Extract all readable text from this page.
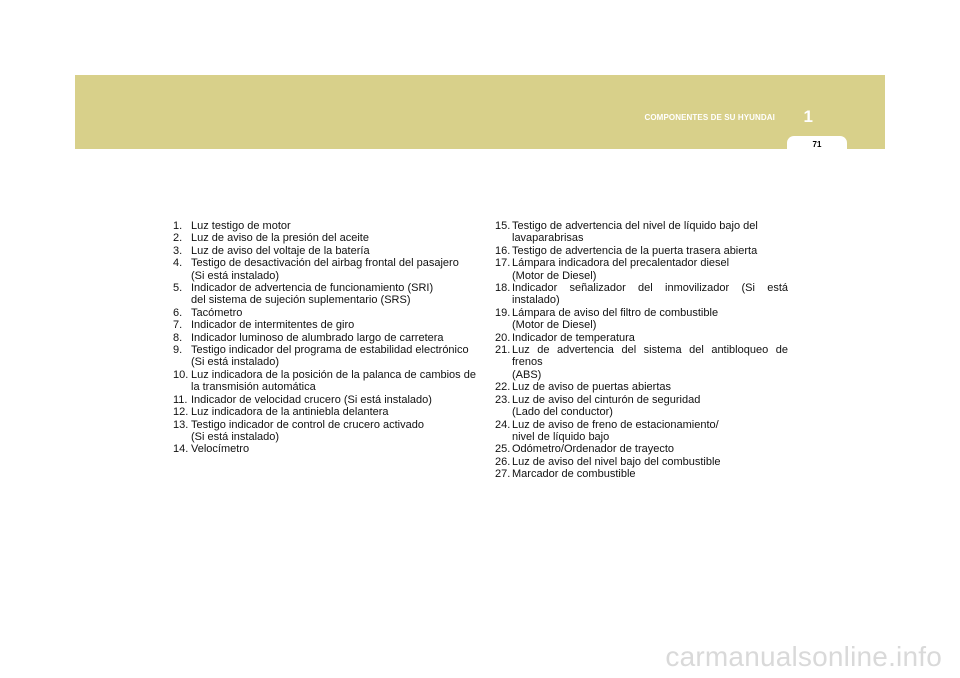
COMPONENTES DE SU HYUNDAI 1
71
1. Luz testigo de motor
2. Luz de aviso de la presión del aceite
3. Luz de aviso del voltaje de la batería
4. Testigo de desactivación del airbag frontal del pasajero
(Si está instalado)
5. Indicador de advertencia de funcionamiento (SRI)
del sistema de sujeción suplementario (SRS)
6. Tacómetro
7. Indicador de intermitentes de giro
8. Indicador luminoso de alumbrado largo de carretera
9. Testigo indicador del programa de estabilidad electrónico
(Si está instalado)
10. Luz indicadora de la posición de la palanca de cambios de
la transmisión automática
11. Indicador de velocidad crucero (Si está instalado)
12. Luz indicadora de la antiniebla delantera
13. Testigo indicador de control de crucero activado
(Si está instalado)
14. Velocímetro
15. Testigo de advertencia del nivel de líquido bajo del
lavaparabrisas
16. Testigo de advertencia de la puerta trasera abierta
17. Lámpara indicadora del precalentador diesel
(Motor de Diesel)
18. Indicador señalizador del inmovilizador (Si está instalado)
19. Lámpara de aviso del filtro de combustible
(Motor de Diesel)
20. Indicador de temperatura
21. Luz de advertencia del sistema del antibloqueo de frenos
(ABS)
22. Luz de aviso de puertas abiertas
23. Luz de aviso del cinturón de seguridad
(Lado del conductor)
24. Luz de aviso de freno de estacionamiento/
nivel de líquido bajo
25. Odómetro/Ordenador de trayecto
26. Luz de aviso del nivel bajo del combustible
27. Marcador de combustible
carmanualsonline.info
